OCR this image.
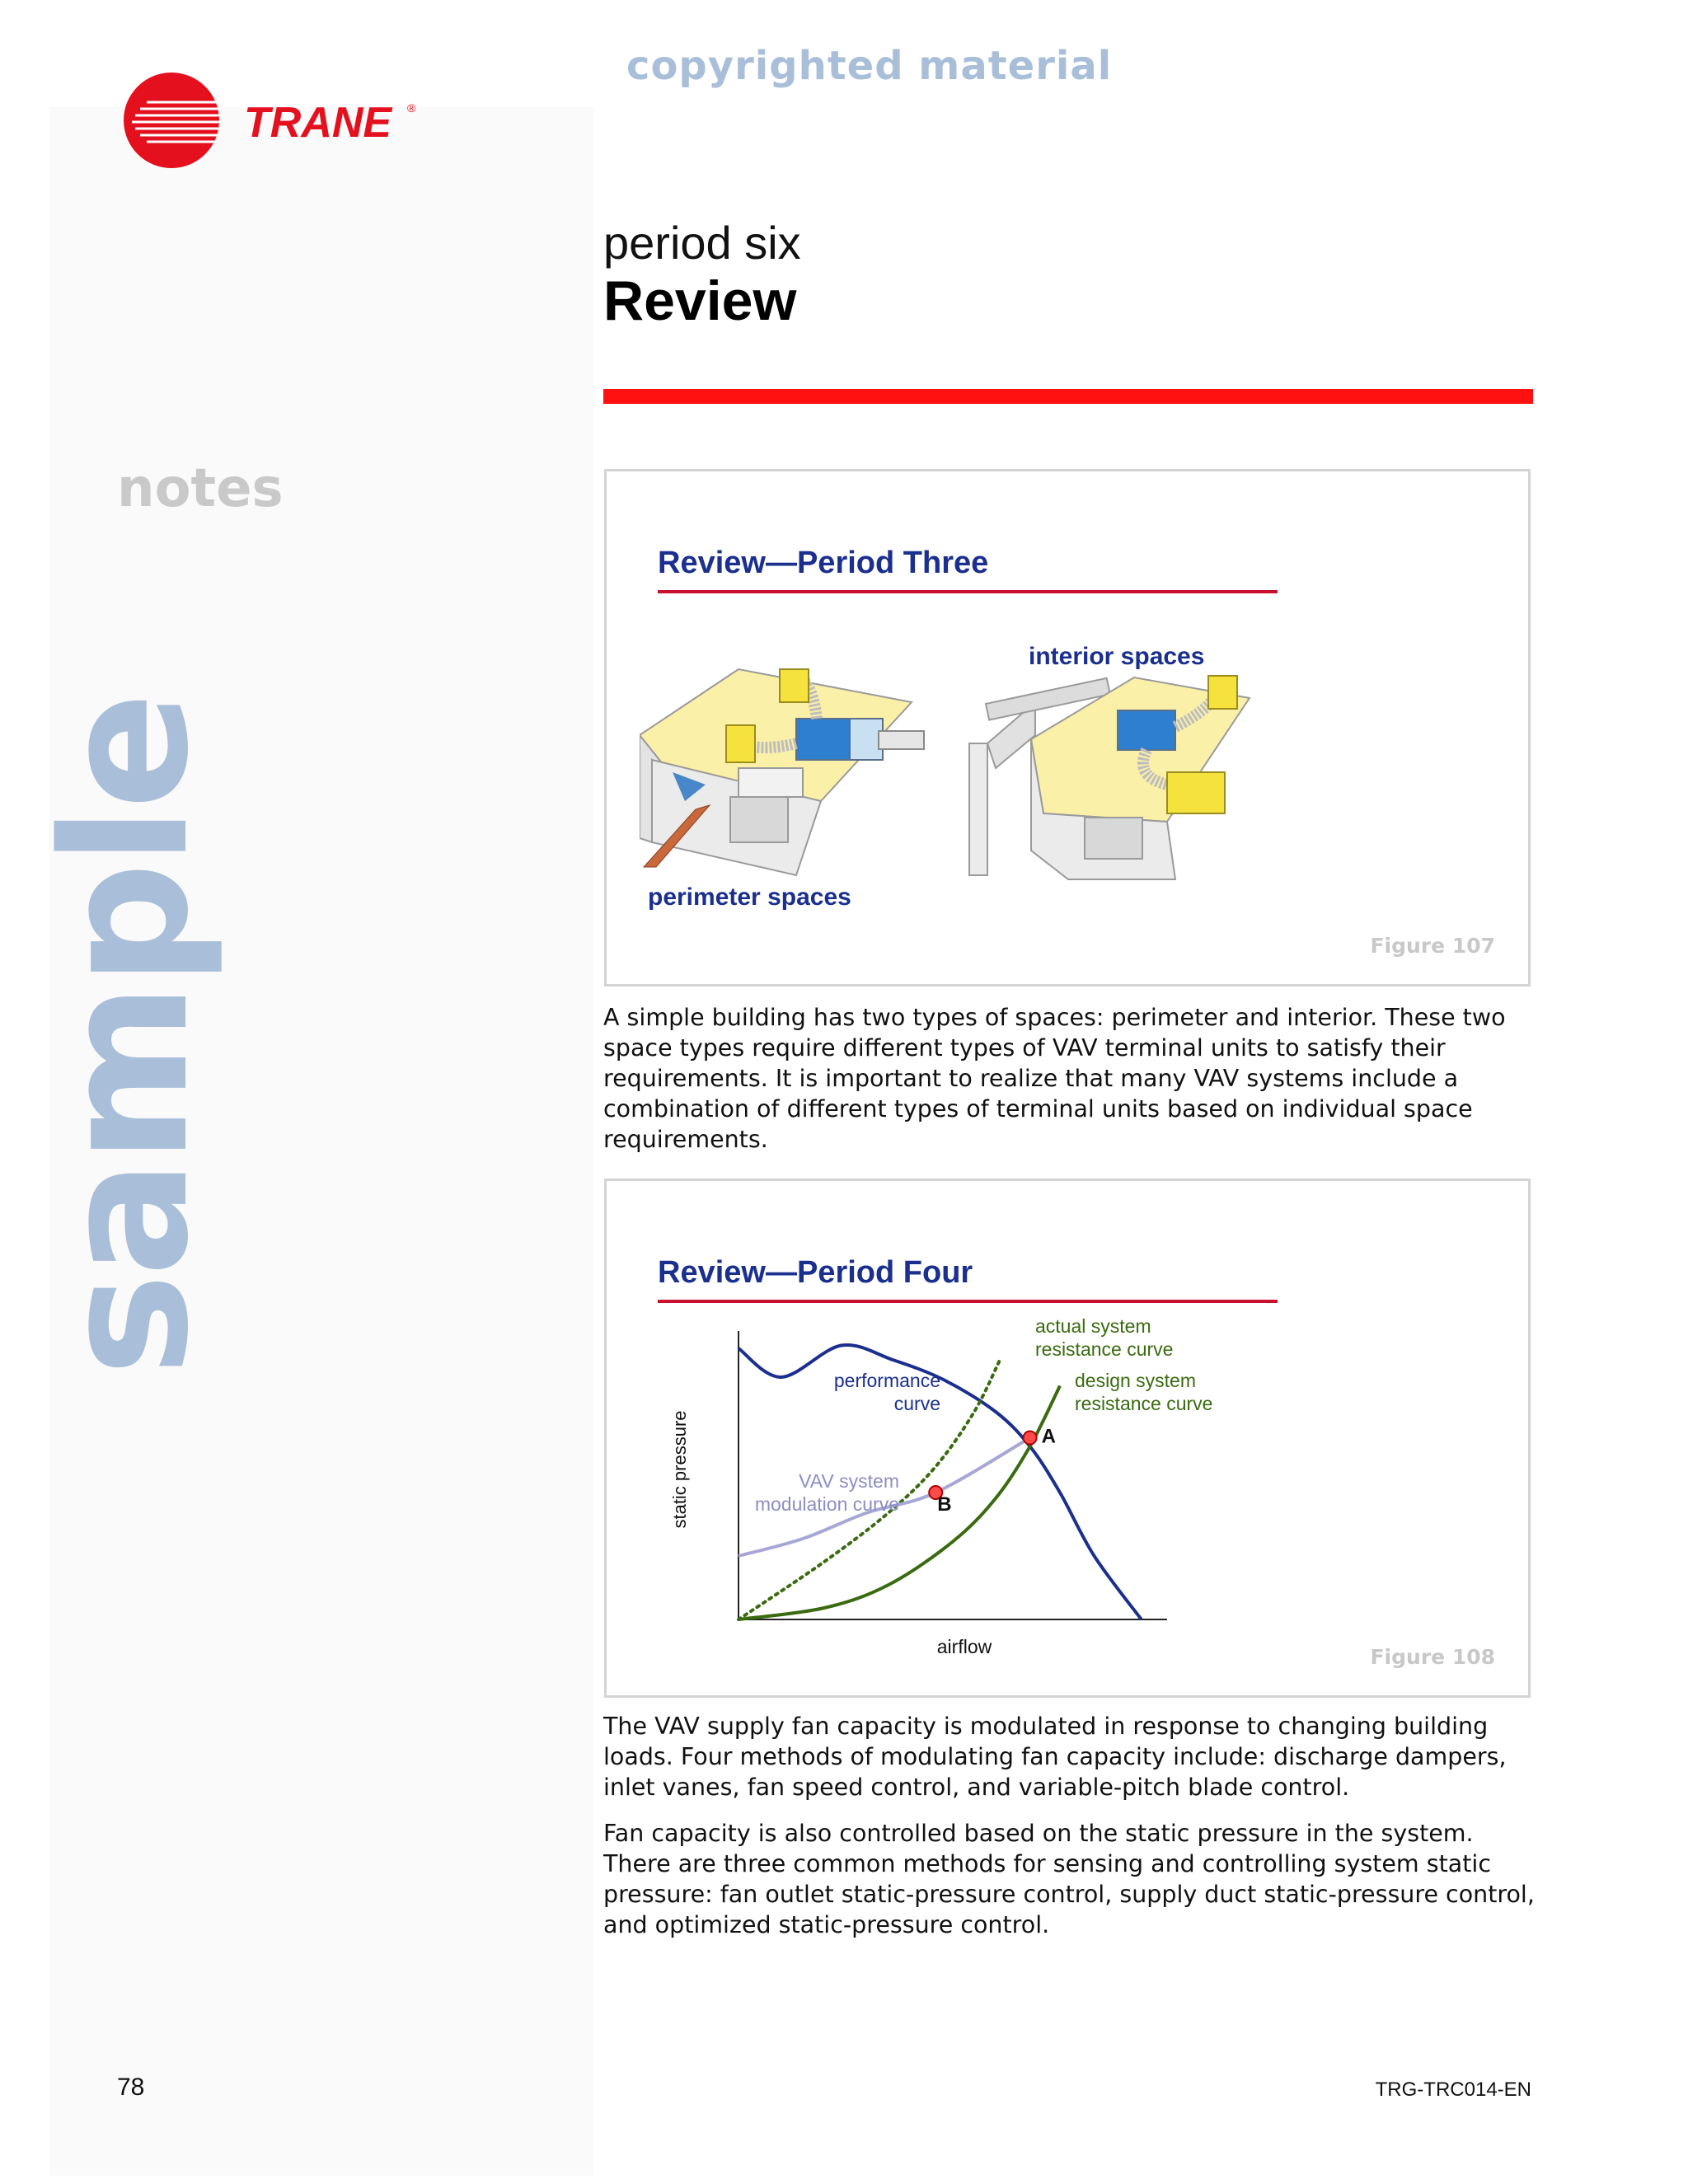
copyrighted material
TRANE ®
period six
Review
notes
sample
Review—Period Three
interior spaces
perimeter spaces
Figure 107

A simple building has two types of spaces: perimeter and interior. These two space types require different types of VAV terminal units to satisfy their requirements. It is important to realize that many VAV systems include a combination of different types of terminal units based on individual space requirements.

Review—Period Four
static pressure
airflow
performance curve
design system resistance curve
actual system resistance curve
VAV system modulation curve
A
B
Figure 108

The VAV supply fan capacity is modulated in response to changing building loads. Four methods of modulating fan capacity include: discharge dampers, inlet vanes, fan speed control, and variable-pitch blade control.

Fan capacity is also controlled based on the static pressure in the system. There are three common methods for sensing and controlling system static pressure: fan outlet static-pressure control, supply duct static-pressure control, and optimized static-pressure control.

78	TRG-TRC014-EN
